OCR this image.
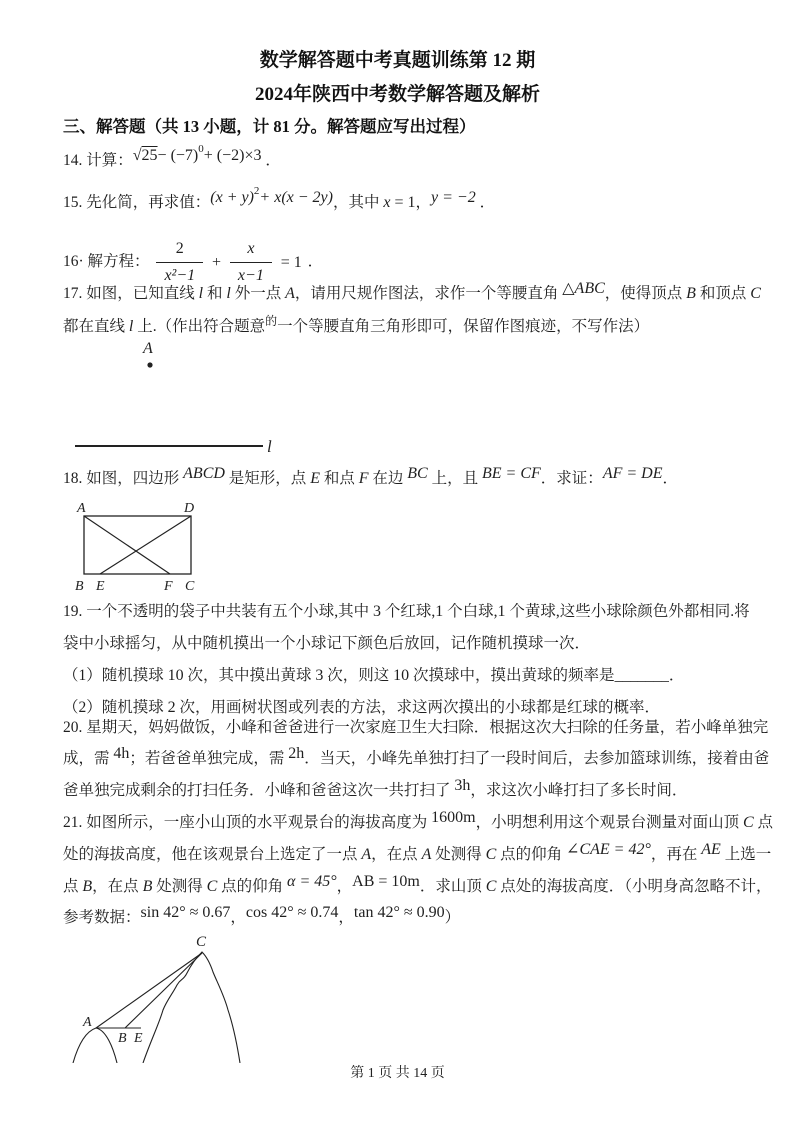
数学解答题中考真题训练第 12 期
2024年陕西中考数学解答题及解析
三、解答题（共 13 小题，计 81 分。解答题应写出过程）
14. 计算：√25− (−7)0+ (−2)×3 ．
15. 先化简，再求值：(x + y)2+ x(x − 2y)，其中 x = 1，y = −2 ．
16· 解方程： $\frac{2}{\text{x²−1}} + \frac{x}{x-1} = 1$ ．
17. 如图，已知直线 l 和 l 外一点 A，请用尺规作图法，求作一个等腰直角 △ABC，使得顶点 B 和顶点 C
都在直线 l 上.（作出符合题意的一个等腰直角三角形即可，保留作图痕迹，不写作法）
A
l
18. 如图，四边形 ABCD 是矩形，点 E 和点 F 在边 BC 上，且 BE = CF．求证：AF = DE．
A	D
B E	F C
19. 一个不透明的袋子中共装有五个小球,其中 3 个红球,1 个白球,1 个黄球,这些小球除颜色外都相同.将
袋中小球摇匀，从中随机摸出一个小球记下颜色后放回，记作随机摸球一次．
（1）随机摸球 10 次，其中摸出黄球 3 次，则这 10 次摸球中，摸出黄球的频率是_______．
（2）随机摸球 2 次，用画树状图或列表的方法，求这两次摸出的小球都是红球的概率．
20. 星期天，妈妈做饭，小峰和爸爸进行一次家庭卫生大扫除．根据这次大扫除的任务量，若小峰单独完
成，需 4h；若爸爸单独完成，需 2h．当天，小峰先单独打扫了一段时间后，去参加篮球训练，接着由爸
爸单独完成剩余的打扫任务．小峰和爸爸这次一共打扫了 3h，求这次小峰打扫了多长时间．
21. 如图所示，一座小山顶的水平观景台的海拔高度为 1600m，小明想利用这个观景台测量对面山顶 C 点
处的海拔高度，他在该观景台上选定了一点 A，在点 A 处测得 C 点的仰角 ∠CAE = 42°，再在 AE 上选一
点 B，在点 B 处测得 C 点的仰角 α = 45°，AB = 10m．求山顶 C 点处的海拔高度．（小明身高忽略不计，
参考数据：sin 42° ≈ 0.67，cos 42° ≈ 0.74，tan 42° ≈ 0.90）
C
A
B E
第 1 页 共 14 页
